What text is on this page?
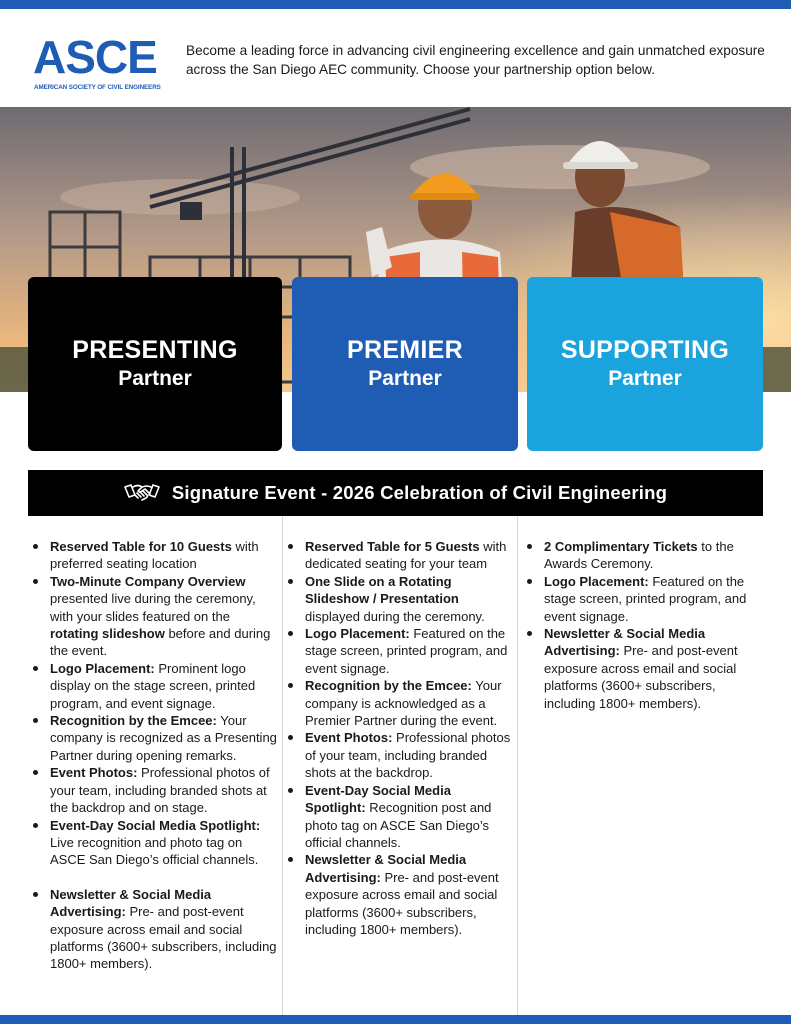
ASCE
AMERICAN SOCIETY OF CIVIL ENGINEERS

Become a leading force in advancing civil engineering excellence and gain unmatched exposure across the San Diego AEC community. Choose your partnership option below.

PRESENTING
Partner
PREMIER
Partner
SUPPORTING
Partner
Signature Event - 2026 Celebration of Civil Engineering
Reserved Table for 10 Guests with preferred seating location
Two-Minute Company Overview presented live during the ceremony, with your slides featured on the rotating slideshow before and during the event.
Logo Placement: Prominent logo display on the stage screen, printed program, and event signage.
Recognition by the Emcee: Your company is recognized as a Presenting Partner during opening remarks.
Event Photos: Professional photos of your team, including branded shots at the backdrop and on stage.
Event-Day Social Media Spotlight: Live recognition and photo tag on ASCE San Diego’s official channels.
Newsletter & Social Media Advertising: Pre- and post-event exposure across email and social platforms (3600+ subscribers, including 1800+ members).
Reserved Table for 5 Guests with dedicated seating for your team
One Slide on a Rotating Slideshow / Presentation displayed during the ceremony.
Logo Placement: Featured on the stage screen, printed program, and event signage.
Recognition by the Emcee: Your company is acknowledged as a Premier Partner during the event.
Event Photos: Professional photos of your team, including branded shots at the backdrop.
Event-Day Social Media Spotlight: Recognition post and photo tag on ASCE San Diego’s official channels.
Newsletter & Social Media Advertising: Pre- and post-event exposure across email and social platforms (3600+ subscribers, including 1800+ members).
2 Complimentary Tickets to the Awards Ceremony.
Logo Placement: Featured on the stage screen, printed program, and event signage.
Newsletter & Social Media Advertising: Pre- and post-event exposure across email and social platforms (3600+ subscribers, including 1800+ members).
